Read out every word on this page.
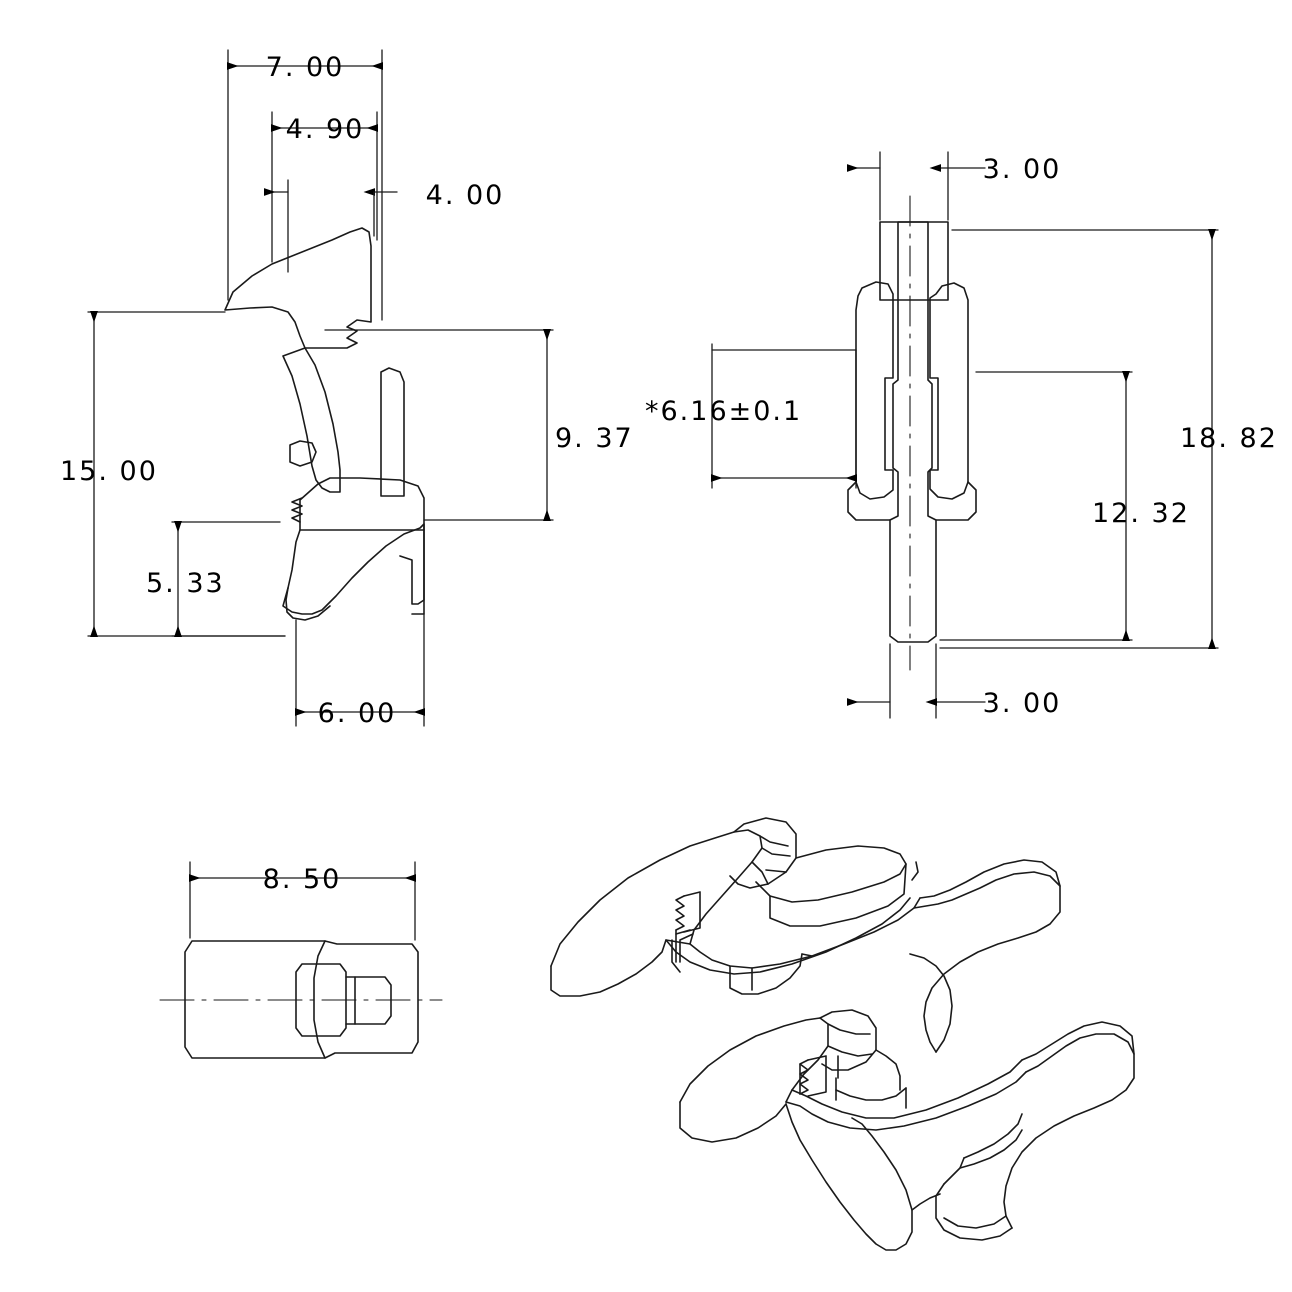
7. 00
4. 90
4. 00
9. 37
15. 00
5. 33
6. 00
3. 00
*6.16±0.1
18. 82
12. 32
3. 00
8. 50
